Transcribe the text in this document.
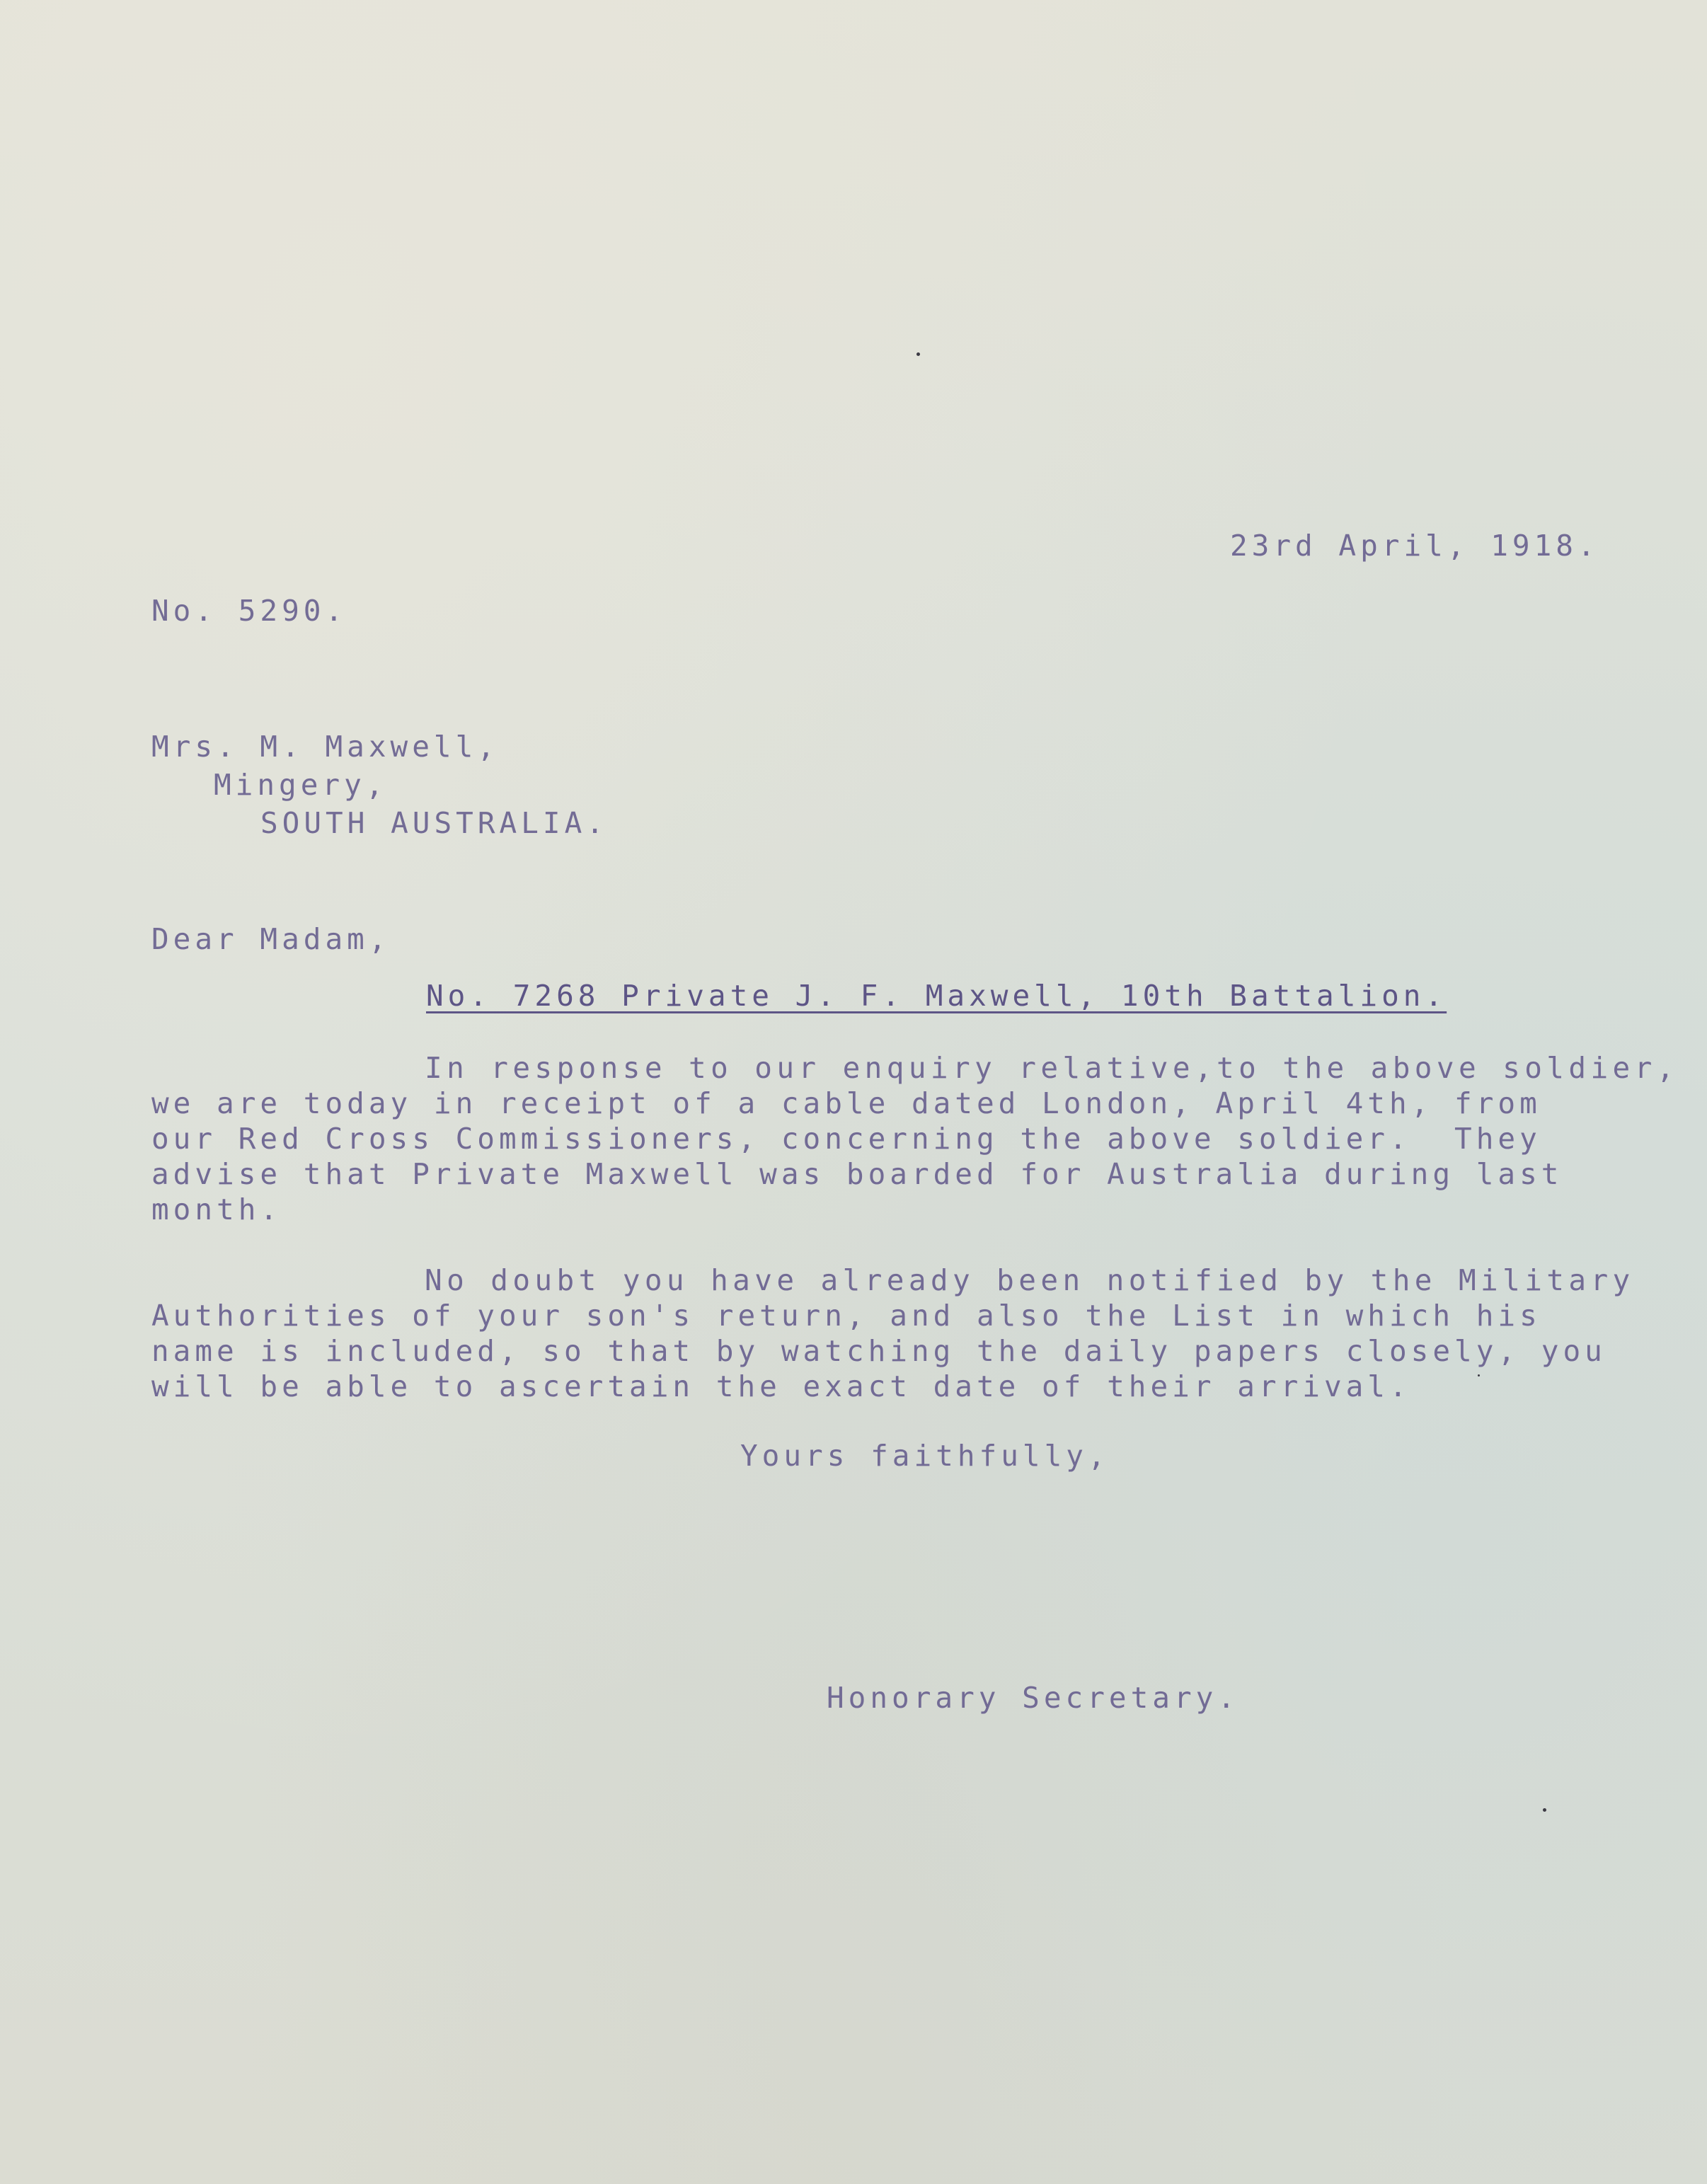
23rd April, 1918.
No. 5290.
Mrs. M. Maxwell,
Mingery,
SOUTH AUSTRALIA.
Dear Madam,
No. 7268 Private J. F. Maxwell, 10th Battalion.
In response to our enquiry relative,to the above soldier,
we are today in receipt of a cable dated London, April 4th, from
our Red Cross Commissioners, concerning the above soldier.  They
advise that Private Maxwell was boarded for Australia during last
month.
No doubt you have already been notified by the Military
Authorities of your son's return, and also the List in which his
name is included, so that by watching the daily papers closely, you
will be able to ascertain the exact date of their arrival.
Yours faithfully,
Honorary Secretary.
